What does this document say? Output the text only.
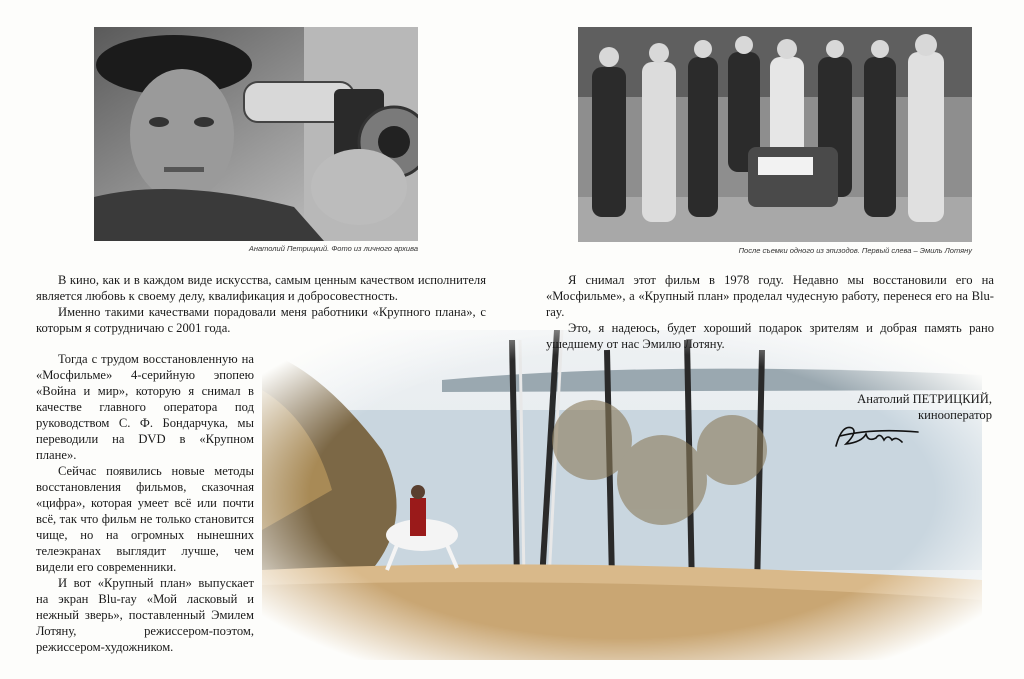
Анатолий Петрицкий. Фото из личного архива	После съемки одного из эпизодов. Первый слева – Эмиль Лотяну

В кино, как и в каждом виде искусства, самым ценным качеством исполнителя является любовь к своему делу, квалификация и добросовестность.

Именно такими качествами порадовали меня работники «Крупного плана», с которым я сотрудничаю с 2001 года.

Тогда с трудом восстановленную на «Мосфильме» 4-серийную эпопею «Война и мир», которую я снимал в качестве главного оператора под руководством С. Ф. Бондарчука, мы переводили на DVD в «Крупном плане».

Сейчас появились новые методы восстановления фильмов, сказочная «цифра», которая умеет всё или почти всё, так что фильм не только становится чище, но на огромных нынешних телеэкранах выглядит лучше, чем видели его современники.

И вот «Крупный план» выпускает на экран Blu-ray «Мой ласковый и нежный зверь», поставленный Эмилем Лотяну, режиссером-поэтом, режиссером-художником.

Я снимал этот фильм в 1978 году. Недавно мы восстановили его на «Мосфильме», а «Крупный план» проделал чудесную работу, перенеся его на Blu-ray.

Это, я надеюсь, будет хороший подарок зрителям и добрая память рано ушедшему от нас Эмилю Лотяну.

Анатолий ПЕТРИЦКИЙ,
кинооператор
